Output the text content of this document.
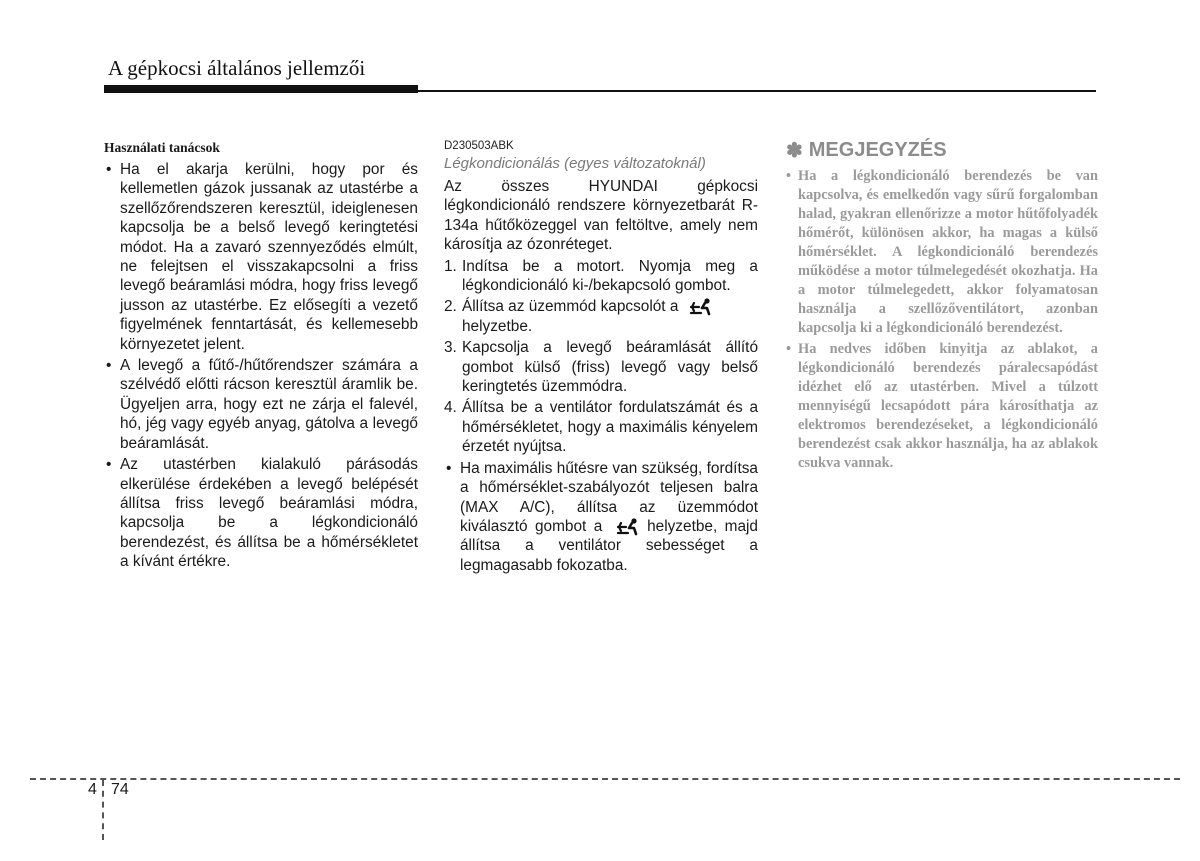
A gépkocsi általános jellemzői
Használati tanácsok
• Ha el akarja kerülni, hogy por és kellemetlen gázok jussanak az utastérbe a szellőzőrendszeren keresztül, ideiglenesen kapcsolja be a belső levegő keringtetési módot. Ha a zavaró szennyeződés elmúlt, ne felejtsen el visszakapcsolni a friss levegő beáramlási módra, hogy friss levegő jusson az utastérbe. Ez elősegíti a vezető figyelmének fenntartását, és kellemesebb környezetet jelent.
• A levegő a fűtő-/hűtőrendszer számára a szélvédő előtti rácson keresztül áramlik be. Ügyeljen arra, hogy ezt ne zárja el falevél, hó, jég vagy egyéb anyag, gátolva a levegő beáramlását.
• Az utastérben kialakuló párásodás elkerülése érdekében a levegő belépését állítsa friss levegő beáramlási módra, kapcsolja be a légkondicionáló berendezést, és állítsa be a hőmérsékletet a kívánt értékre.
D230503ABK
Légkondicionálás (egyes változatoknál)
Az összes HYUNDAI gépkocsi légkondicionáló rendszere környezetbarát R-134a hűtőközeggel van feltöltve, amely nem károsítja az ózonréteget.
1. Indítsa be a motort. Nyomja meg a légkondicionáló ki-/bekapcsoló gombot.
2. Állítsa az üzemmód kapcsolót a
helyzetbe.
3. Kapcsolja a levegő beáramlását állító gombot külső (friss) levegő vagy belső keringtetés üzemmódra.
4. Állítsa be a ventilátor fordulatszámát és a hőmérsékletet, hogy a maximális kényelem érzetét nyújtsa.
• Ha maximális hűtésre van szükség, fordítsa a hőmérséklet-szabályozót teljesen balra (MAX A/C), állítsa az üzemmódot kiválasztó gombot a	helyzetbe, majd állítsa a ventilátor sebességet a legmagasabb fokozatba.
✽ MEGJEGYZÉS
• Ha a légkondicionáló berendezés be van kapcsolva, és emelkedőn vagy sűrű forgalomban halad, gyakran ellenőrizze a motor hűtőfolyadék hőmérőt, különösen akkor, ha magas a külső hőmérséklet. A légkondicionáló berendezés működése a motor túlmelegedését okozhatja. Ha a motor túlmelegedett, akkor folyamatosan használja a szellőzőventilátort, azonban kapcsolja ki a légkondicionáló berendezést.
• Ha nedves időben kinyitja az ablakot, a légkondicionáló berendezés páralecsapódást idézhet elő az utastérben. Mivel a túlzott mennyiségű lecsapódott pára károsíthatja az elektromos berendezéseket, a légkondicionáló berendezést csak akkor használja, ha az ablakok csukva vannak.
4 74
